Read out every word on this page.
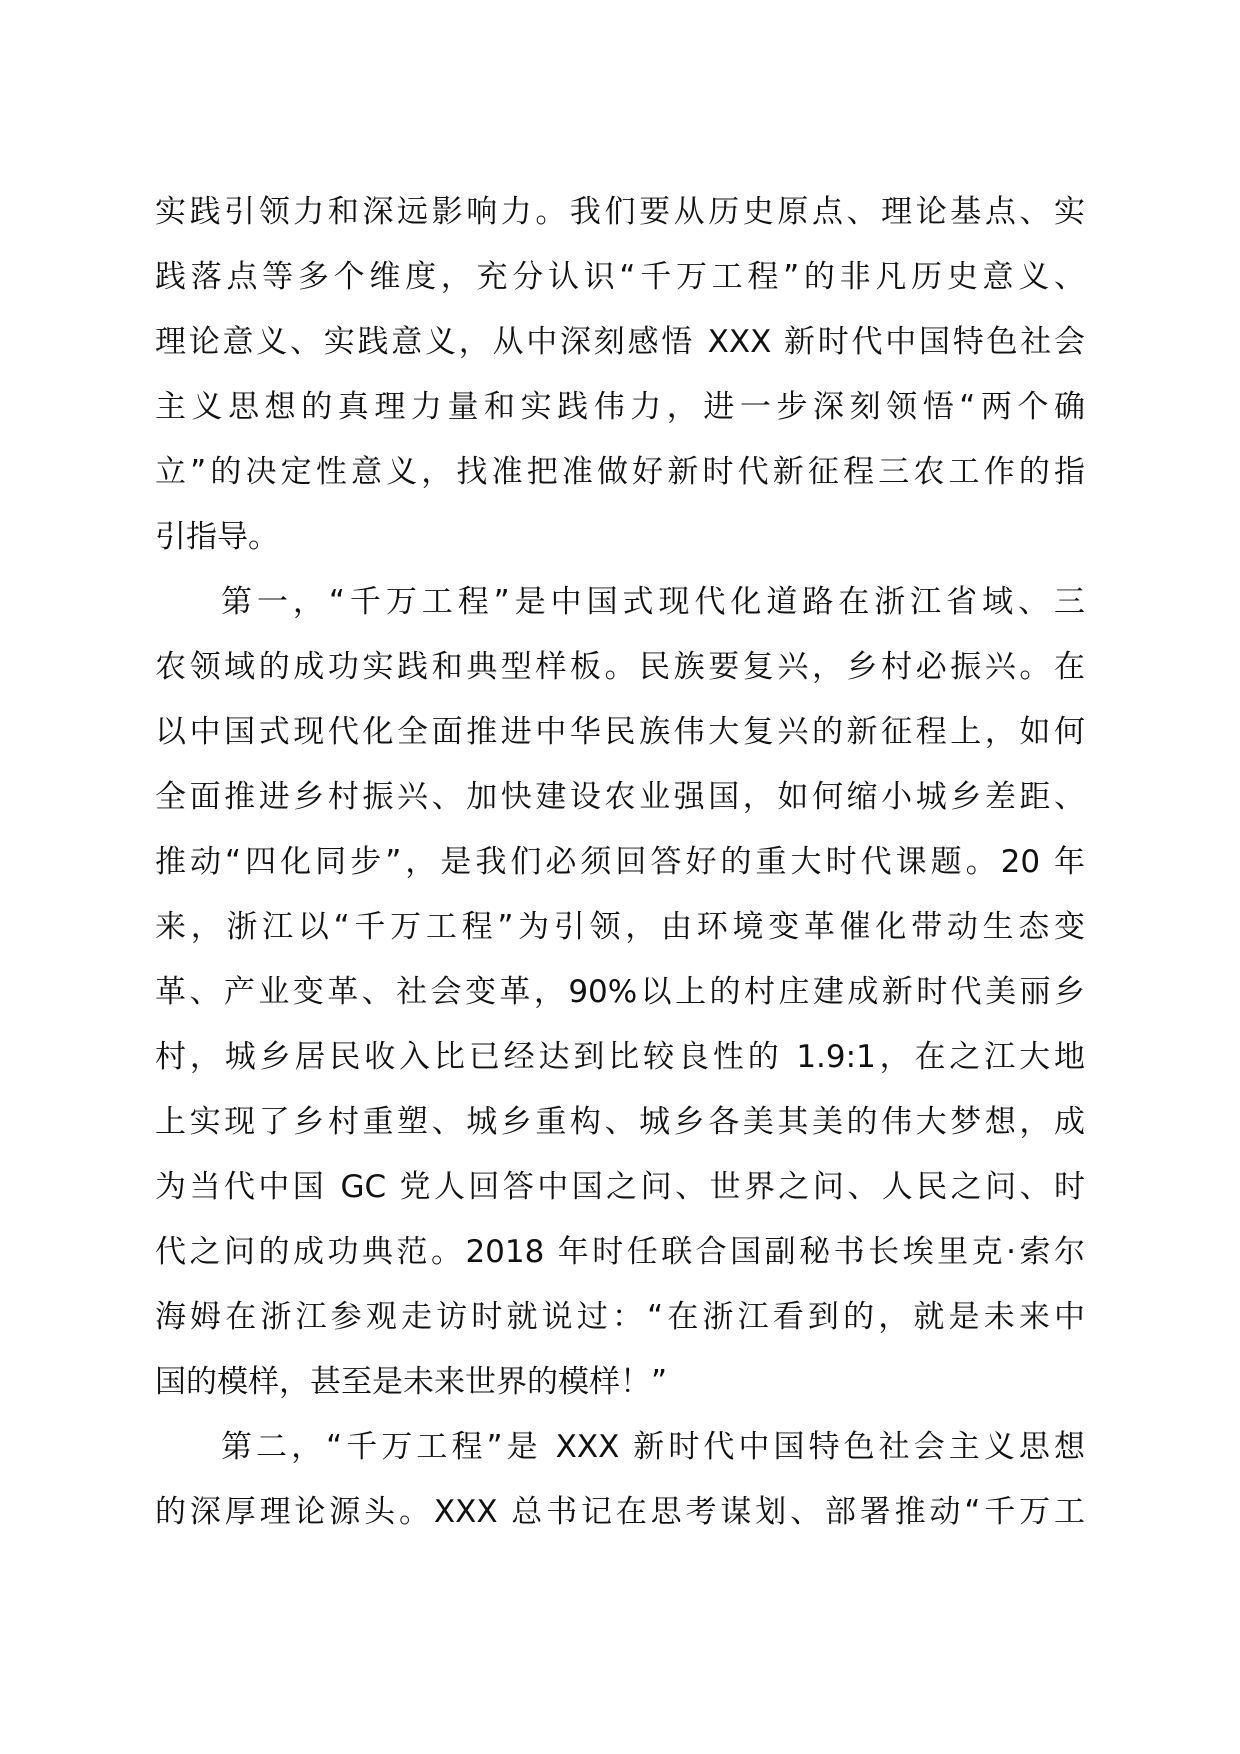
实践引领力和深远影响力。我们要从历史原点、理论基点、实
践落点等多个维度，充分认识“千万工程”的非凡历史意义、
理论意义、实践意义，从中深刻感悟 XXX 新时代中国特色社会
主义思想的真理力量和实践伟力，进一步深刻领悟“两个确
立”的决定性意义，找准把准做好新时代新征程三农工作的指
引指导。
第一，“千万工程”是中国式现代化道路在浙江省域、三
农领域的成功实践和典型样板。民族要复兴，乡村必振兴。在
以中国式现代化全面推进中华民族伟大复兴的新征程上，如何
全面推进乡村振兴、加快建设农业强国，如何缩小城乡差距、
推动“四化同步”，是我们必须回答好的重大时代课题。20 年
来，浙江以“千万工程”为引领，由环境变革催化带动生态变
革、产业变革、社会变革，90%以上的村庄建成新时代美丽乡
村，城乡居民收入比已经达到比较良性的 1.9:1，在之江大地
上实现了乡村重塑、城乡重构、城乡各美其美的伟大梦想，成
为当代中国 GC 党人回答中国之问、世界之问、人民之问、时
代之问的成功典范。2018 年时任联合国副秘书长埃里克·索尔
海姆在浙江参观走访时就说过：“在浙江看到的，就是未来中
国的模样，甚至是未来世界的模样！”
第二，“千万工程”是 XXX 新时代中国特色社会主义思想
的深厚理论源头。XXX 总书记在思考谋划、部署推动“千万工
